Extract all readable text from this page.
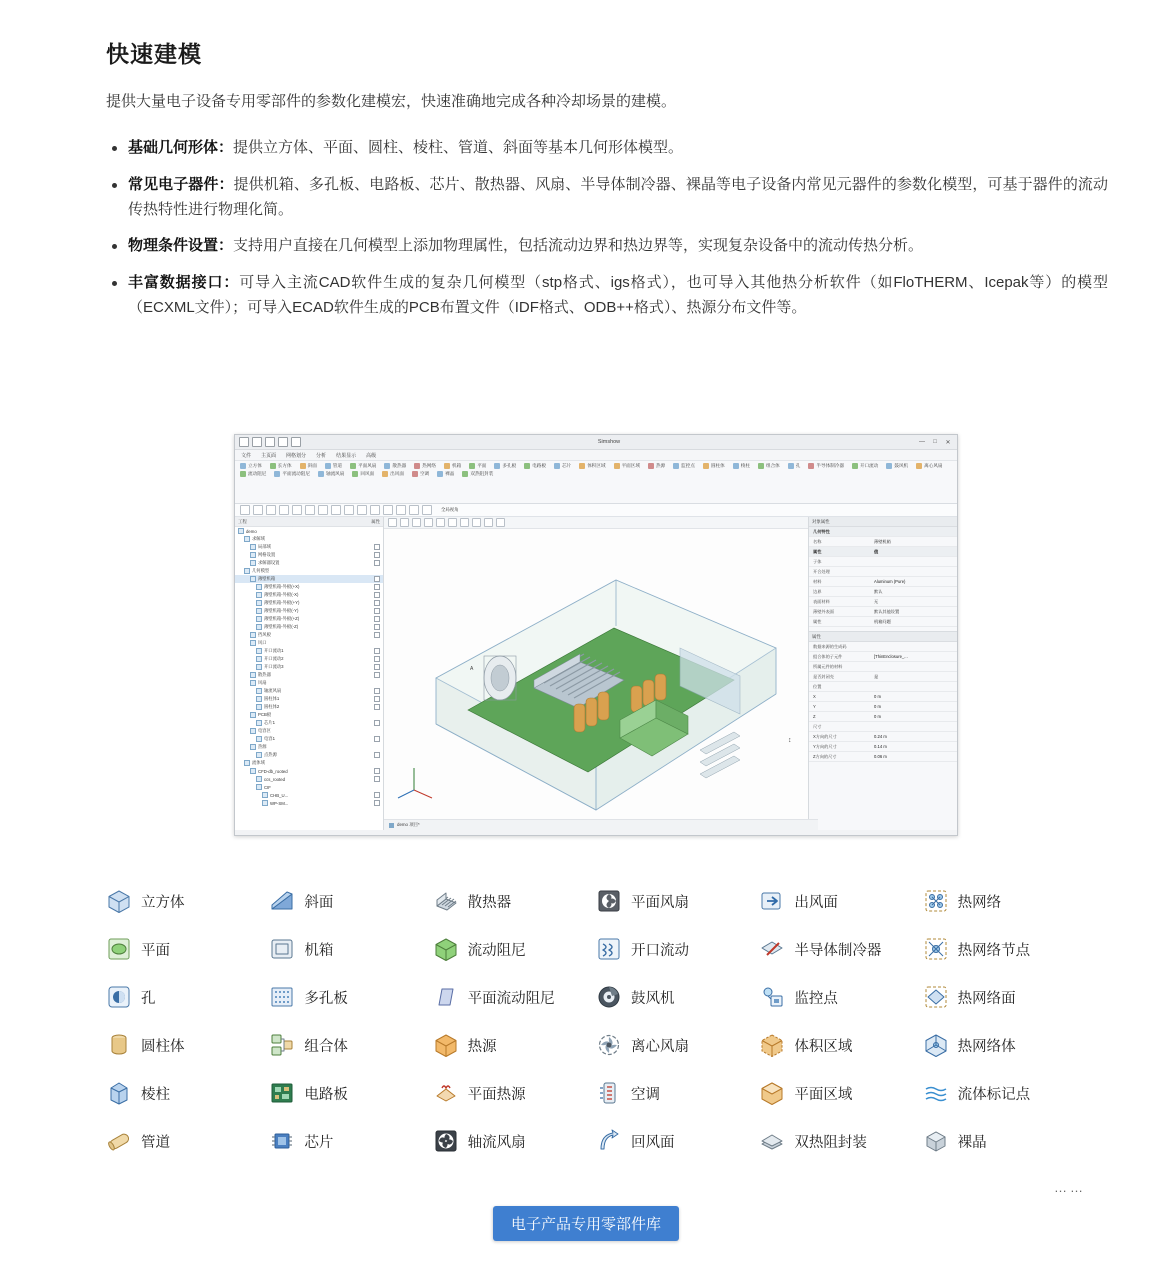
快速建模
提供大量电子设备专用零部件的参数化建模宏，快速准确地完成各种冷却场景的建模。
基础几何形体：提供立方体、平面、圆柱、棱柱、管道、斜面等基本几何形体模型。
常见电子器件：提供机箱、多孔板、电路板、芯片、散热器、风扇、半导体制冷器、裸晶等电子设备内常见元器件的参数化模型，可基于器件的流动传热特性进行物理化简。
物理条件设置：支持用户直接在几何模型上添加物理属性，包括流动边界和热边界等，实现复杂设备中的流动传热分析。
丰富数据接口：可导入主流CAD软件生成的复杂几何模型（stp格式、igs格式），也可导入其他热分析软件（如FloTHERM、Icepak等）的模型（ECXML文件）；可导入ECAD软件生成的PCB布置文件（IDF格式、ODB++格式）、热源分布文件等。
Simshow	—	□	✕
文件 主页面 网格划分 分析 结果显示 高级
立方体	长方体	斜面	管道	平面风扇	散热器	热网络	机箱	平面	多孔板	电路板	芯片	体积区域	平面区域	热源	监控点	圆柱体	棱柱	组合体	孔	半导体制冷器	开口流动	鼓风机	离心风扇
流动阻尼	平面流动阻尼	轴流风扇	回风面	出风面	空调	裸晶	双热阻封装
全局视角
工程	属性
demo
求解域
局部域
网格设置
求解器设置
几何模型
薄壁机箱
薄壁机箱-外板(+X)
薄壁机箱-外板(-X)
薄壁机箱-外板(+Y)
薄壁机箱-外板(-Y)
薄壁机箱-外板(+Z)
薄壁机箱-外板(-Z)
挡风板
风口
开口流动1
开口流动2
开口流动3
散热器
风扇
轴流风扇
圆柱体1
圆柱体2
PCB板
芯片1
电容区
电容1
热源
点热源
流体域
CFD-db_rooted
ccs_rooted
CIF
CHB_U...
WP-SM...
A
↕
demo 项目*
对象属性
几何特性
名称	薄壁机箱
属性	值
子体
开合处理
材料	Aluminum (Pure)
边界	默认
表面材料	无
薄壁外表面	默认其他设置
属性	机箱问题
属性
数据来源的生成码
组合体的子元件	[ThinEnclosure_...
所属元件的材料
是否封闭壳	是
位置
X	0 m
Y	0 m
Z	0 m
尺寸
X方向的尺寸	0.24 m
Y方向的尺寸	0.14 m
Z方向的尺寸	0.06 m
立方体	斜面	散热器	平面风扇	出风面	热网络
平面	机箱	流动阻尼	开口流动	半导体制冷器	热网络节点
孔	多孔板	平面流动阻尼	鼓风机	监控点	热网络面
圆柱体	组合体	热源	离心风扇	体积区域	热网络体
棱柱	电路板	平面热源	空调	平面区域	流体标记点
管道	芯片	轴流风扇	回风面	双热阻封装	裸晶
……
电子产品专用零部件库
